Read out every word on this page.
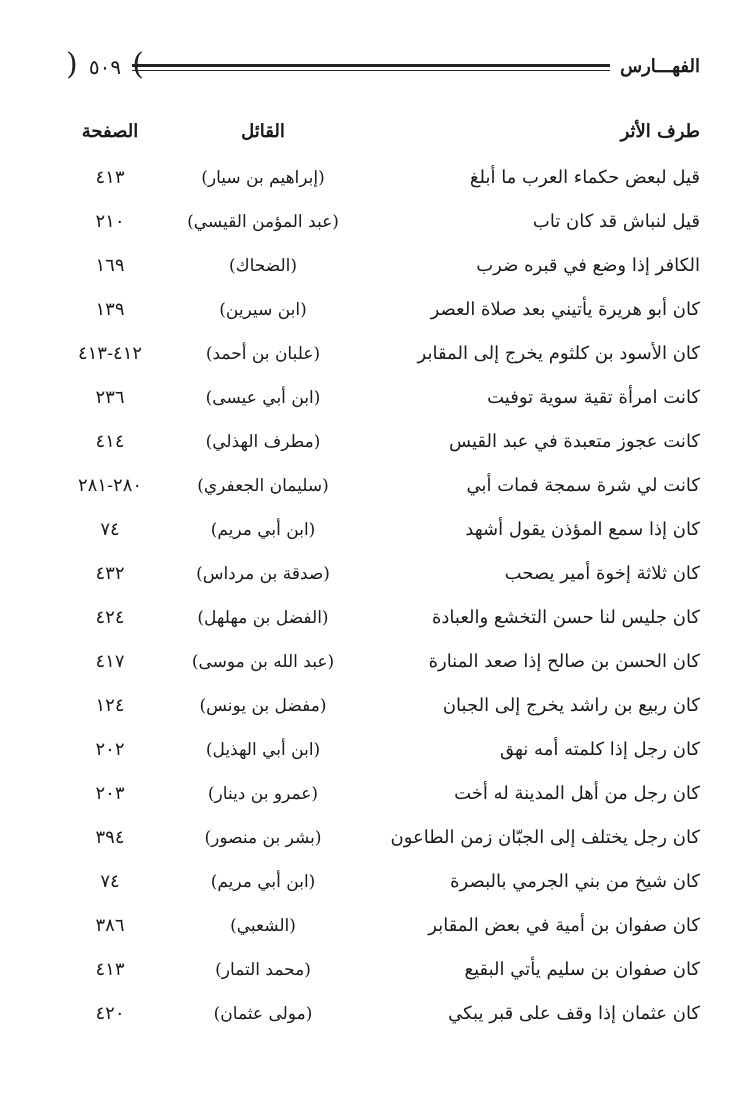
( ٥٠٩ )	الفهـــارس
طرف الأثر
القائل
الصفحة
قيل لبعض حكماء العرب ما أبلغ
(إبراهيم بن سيار)
٤١٣
قيل لنباش قد كان تاب
(عبد المؤمن القيسي)
٢١٠
الكافر إذا وضع في قبره ضرب
(الضحاك)
١٦٩
كان أبو هريرة يأتيني بعد صلاة العصر
(ابن سيرين)
١٣٩
كان الأسود بن كلثوم يخرج إلى المقابر
(علبان بن أحمد)
٤١٢-٤١٣
كانت امرأة تقية سوية توفيت
(ابن أبي عيسى)
٢٣٦
كانت عجوز متعبدة في عبد القيس
(مطرف الهذلي)
٤١٤
كانت لي شرة سمجة فمات أبي
(سليمان الجعفري)
٢٨٠-٢٨١
كان إذا سمع المؤذن يقول أشهد
(ابن أبي مريم)
٧٤
كان ثلاثة إخوة أمير يصحب
(صدقة بن مرداس)
٤٣٢
كان جليس لنا حسن التخشع والعبادة
(الفضل بن مهلهل)
٤٢٤
كان الحسن بن صالح إذا صعد المنارة
(عبد الله بن موسى)
٤١٧
كان ربيع بن راشد يخرج إلى الجبان
(مفضل بن يونس)
١٢٤
كان رجل إذا كلمته أمه نهق
(ابن أبي الهذيل)
٢٠٢
كان رجل من أهل المدينة له أخت
(عمرو بن دينار)
٢٠٣
كان رجل يختلف إلى الجبّان زمن الطاعون
(بشر بن منصور)
٣٩٤
كان شيخ من بني الجرمي بالبصرة
(ابن أبي مريم)
٧٤
كان صفوان بن أمية في بعض المقابر
(الشعبي)
٣٨٦
كان صفوان بن سليم يأتي البقيع
(محمد التمار)
٤١٣
كان عثمان إذا وقف على قبر يبكي
(مولى عثمان)
٤٢٠
